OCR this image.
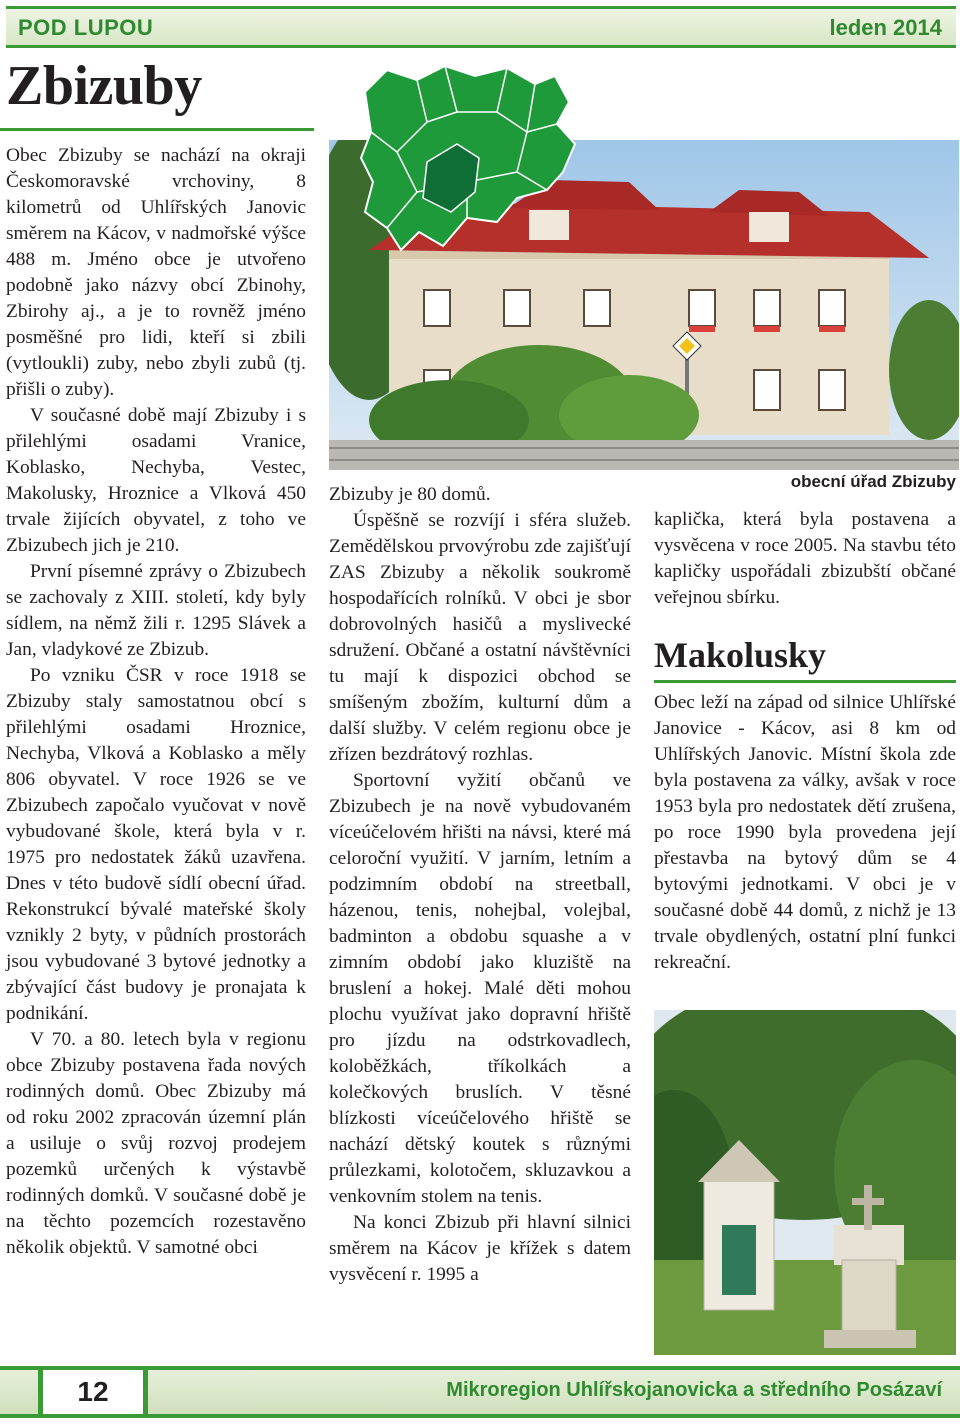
POD LUPOU	leden 2014
Zbizuby

Obec Zbizuby se nachází na okraji Českomoravské vrchoviny, 8 kilometrů od Uhlířských Janovic směrem na Kácov, v nadmořské výšce 488 m. Jméno obce je utvořeno podobně jako názvy obcí Zbinohy, Zbirohy aj., a je to rovněž jméno posměšné pro lidi, kteří si zbili (vytloukli) zuby, nebo zbyli zubů (tj. přišli o zuby).

V současné době mají Zbizuby i s přilehlými osadami Vranice, Koblasko, Nechyba, Vestec, Makolusky, Hroznice a Vlková 450 trvale žijících obyvatel, z toho ve Zbizubech jich je 210.

První písemné zprávy o Zbizubech se zachovaly z XIII. století, kdy byly sídlem, na němž žili r. 1295 Slávek a Jan, vladykové ze Zbizub.

Po vzniku ČSR v roce 1918 se Zbizuby staly samostatnou obcí s přilehlými osadami Hroznice, Nechyba, Vlková a Koblasko a měly 806 obyvatel. V roce 1926 se ve Zbizubech započalo vyučovat v nově vybudované škole, která byla v r. 1975 pro nedostatek žáků uzavřena. Dnes v této budově sídlí obecní úřad. Rekonstrukcí bývalé mateřské školy vznikly 2 byty, v půdních prostorách jsou vybudované 3 bytové jednotky a zbývající část budovy je pronajata k podnikání.

V 70. a 80. letech byla v regionu obce Zbizuby postavena řada nových rodinných domů. Obec Zbizuby má od roku 2002 zpracován územní plán a usiluje o svůj rozvoj prodejem pozemků určených k výstavbě rodinných domků. V současné době je na těchto pozemcích rozestavěno několik objektů. V samotné obci

Zbizuby je 80 domů.

Úspěšně se rozvíjí i sféra služeb. Zemědělskou prvovýrobu zde zajišťují ZAS Zbizuby a několik soukromě hospodařících rolníků. V obci je sbor dobrovolných hasičů a myslivecké sdružení. Občané a ostatní návštěvníci tu mají k dispozici obchod se smíšeným zbožím, kulturní dům a další služby. V celém regionu obce je zřízen bezdrátový rozhlas.

Sportovní vyžití občanů ve Zbizubech je na nově vybudovaném víceúčelovém hřišti na návsi, které má celoroční využití. V jarním, letním a podzimním období na streetball, házenou, tenis, nohejbal, volejbal, badminton a obdobu squashe a v zimním období jako kluziště na bruslení a hokej. Malé děti mohou plochu využívat jako dopravní hřiště pro jízdu na odstrkovadlech, koloběžkách, tříkolkách a kolečkových bruslích. V těsné blízkosti víceúčelového hřiště se nachází dětský koutek s různými průlezkami, kolotočem, skluzavkou a venkovním stolem na tenis.

Na konci Zbizub při hlavní silnici směrem na Kácov je křížek s datem vysvěcení r. 1995 a

obecní úřad Zbizuby

kaplička, která byla postavena a vysvěcena v roce 2005. Na stavbu této kapličky uspořádali zbizubští občané veřejnou sbírku.

Makolusky

Obec leží na západ od silnice Uhlířské Janovice - Kácov, asi 8 km od Uhlířských Janovic. Místní škola zde byla postavena za války, avšak v roce 1953 byla pro nedostatek dětí zrušena, po roce 1990 byla provedena její přestavba na bytový dům se 4 bytovými jednotkami. V obci je v současné době 44 domů, z nichž je 13 trvale obydlených, ostatní plní funkci rekreační.

12	Mikroregion Uhlířskojanovicka a středního Posázaví
